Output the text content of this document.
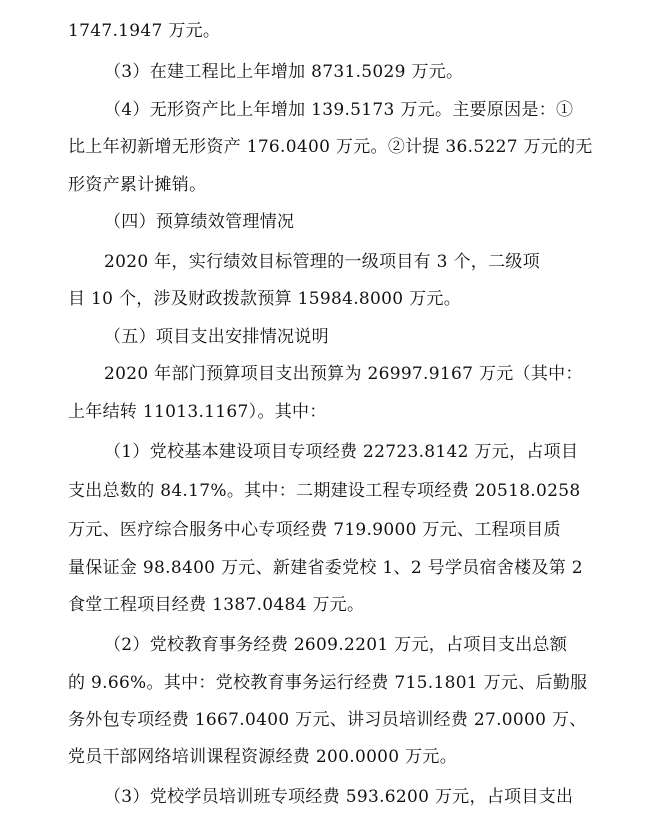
1747.1947 万元。
（3）在建工程比上年增加 8731.5029 万元。
（4）无形资产比上年增加 139.5173 万元。主要原因是：①
比上年初新增无形资产 176.0400 万元。②计提 36.5227 万元的无
形资产累计摊销。
（四）预算绩效管理情况
2020 年，实行绩效目标管理的一级项目有 3 个，二级项
目 10 个，涉及财政拨款预算 15984.8000 万元。
（五）项目支出安排情况说明
2020 年部门预算项目支出预算为 26997.9167 万元（其中：
上年结转 11013.1167）。其中：
（1）党校基本建设项目专项经费 22723.8142 万元，占项目
支出总数的 84.17%。其中：二期建设工程专项经费 20518.0258
万元、医疗综合服务中心专项经费 719.9000 万元、工程项目质
量保证金 98.8400 万元、新建省委党校 1、2 号学员宿舍楼及第 2
食堂工程项目经费 1387.0484 万元。
（2）党校教育事务经费 2609.2201 万元，占项目支出总额
的 9.66%。其中：党校教育事务运行经费 715.1801 万元、后勤服
务外包专项经费 1667.0400 万元、讲习员培训经费 27.0000 万、
党员干部网络培训课程资源经费 200.0000 万元。
（3）党校学员培训班专项经费 593.6200 万元，占项目支出
